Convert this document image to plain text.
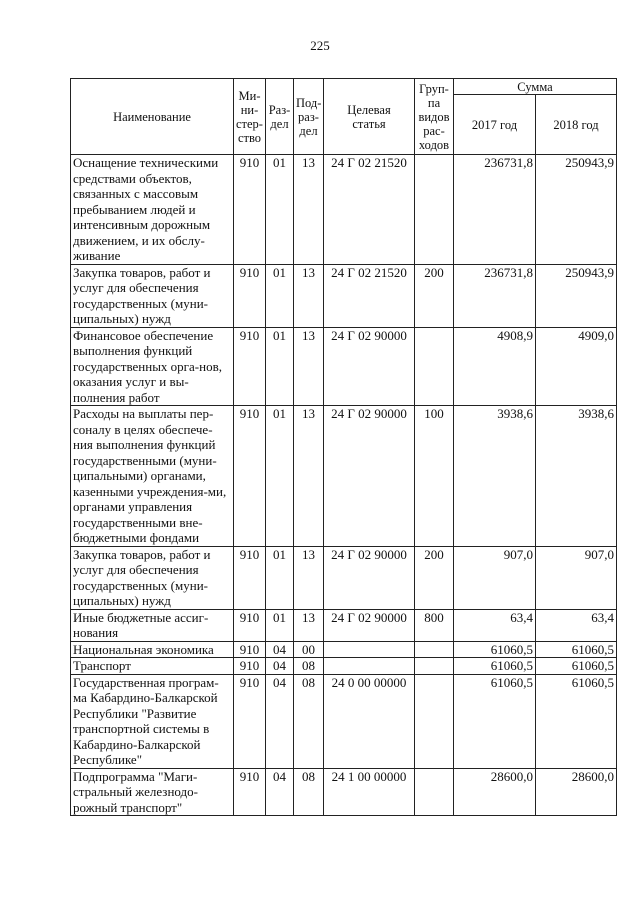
225
Наименование	Ми-
ни-
стер-
ство	Раз-
дел	Под-
раз-
дел	Целевая
статья	Груп-
па
видов
рас-
ходов	Сумма	
						2017 год	2018 год
Оснащение техническими средствами объектов, связанных с массовым пребыванием людей и интенсивным дорожным движением, и их обслу-живание	910	01	13	24 Г 02 21520		236731,8	250943,9
Закупка товаров, работ и услуг для обеспечения государственных (муни-ципальных) нужд	910	01	13	24 Г 02 21520	200	236731,8	250943,9
Финансовое обеспечение выполнения функций государственных орга-нов, оказания услуг и вы-полнения работ	910	01	13	24 Г 02 90000		4908,9	4909,0
Расходы на выплаты пер-соналу в целях обеспече-ния выполнения функций государственными (муни-ципальными) органами, казенными учреждения-ми, органами управления государственными вне-бюджетными фондами	910	01	13	24 Г 02 90000	100	3938,6	3938,6
Закупка товаров, работ и услуг для обеспечения государственных (муни-ципальных) нужд	910	01	13	24 Г 02 90000	200	907,0	907,0
Иные бюджетные ассиг-нования	910	01	13	24 Г 02 90000	800	63,4	63,4
Национальная экономика	910	04	00			61060,5	61060,5
Транспорт	910	04	08			61060,5	61060,5
Государственная програм-ма Кабардино-Балкарской Республики "Развитие транспортной системы в Кабардино-Балкарской Республике"	910	04	08	24 0 00 00000		61060,5	61060,5
Подпрограмма "Маги-стральный железнодо-рожный транспорт"	910	04	08	24 1 00 00000		28600,0	28600,0
